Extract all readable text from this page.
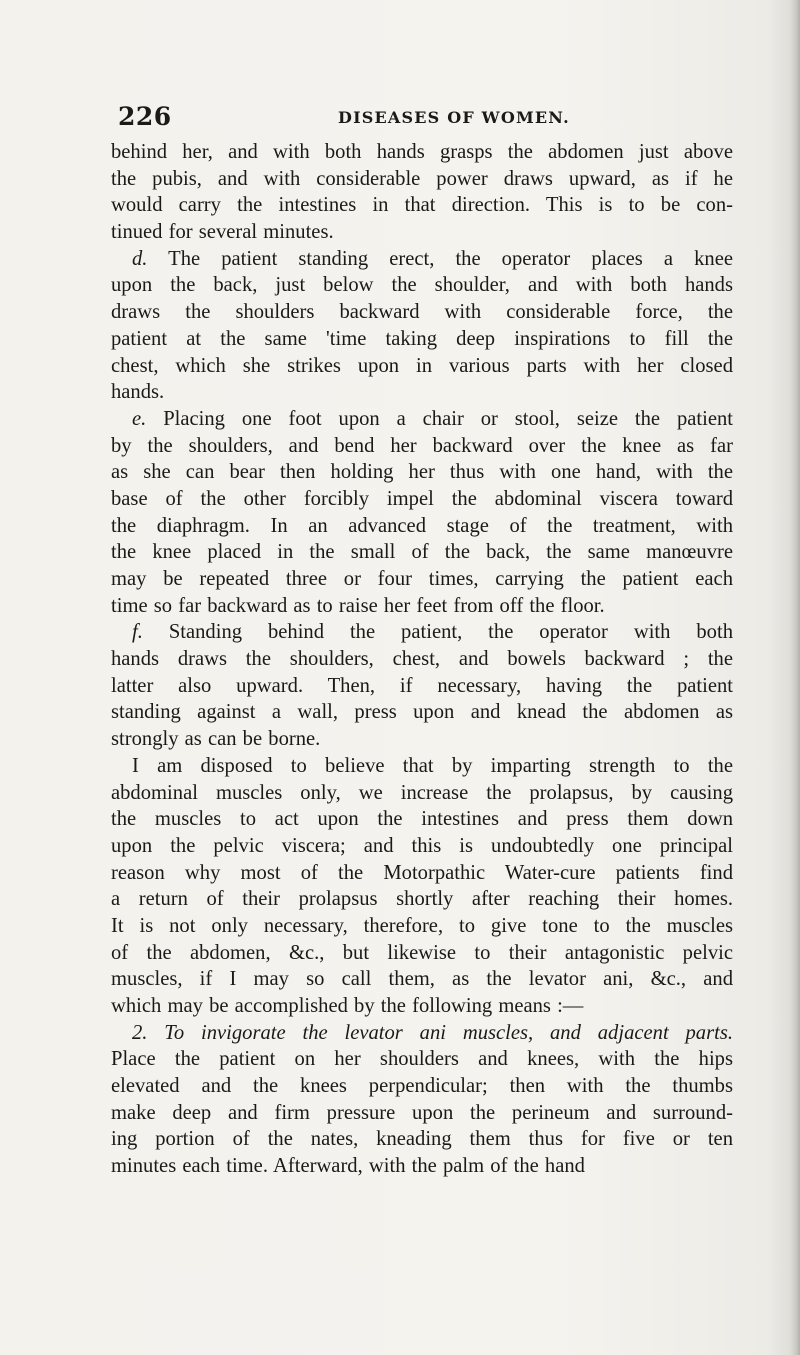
226	DISEASES OF WOMEN.
behind her, and with both hands grasps the abdomen just above
the pubis, and with considerable power draws upward, as if he
would carry the intestines in that direction. This is to be con-
tinued for several minutes.
d. The patient standing erect, the operator places a knee
upon the back, just below the shoulder, and with both hands
draws the shoulders backward with considerable force, the
patient at the same 'time taking deep inspirations to fill the
chest, which she strikes upon in various parts with her closed
hands.
e. Placing one foot upon a chair or stool, seize the patient
by the shoulders, and bend her backward over the knee as far
as she can bear then holding her thus with one hand, with the
base of the other forcibly impel the abdominal viscera toward
the diaphragm. In an advanced stage of the treatment, with
the knee placed in the small of the back, the same manœuvre
may be repeated three or four times, carrying the patient each
time so far backward as to raise her feet from off the floor.
f. Standing behind the patient, the operator with both
hands draws the shoulders, chest, and bowels backward ; the
latter also upward. Then, if necessary, having the patient
standing against a wall, press upon and knead the abdomen as
strongly as can be borne.
I am disposed to believe that by imparting strength to the
abdominal muscles only, we increase the prolapsus, by causing
the muscles to act upon the intestines and press them down
upon the pelvic viscera; and this is undoubtedly one principal
reason why most of the Motorpathic Water-cure patients find
a return of their prolapsus shortly after reaching their homes.
It is not only necessary, therefore, to give tone to the muscles
of the abdomen, &c., but likewise to their antagonistic pelvic
muscles, if I may so call them, as the levator ani, &c., and
which may be accomplished by the following means :—
2. To invigorate the levator ani muscles, and adjacent parts.
Place the patient on her shoulders and knees, with the hips
elevated and the knees perpendicular; then with the thumbs
make deep and firm pressure upon the perineum and surround-
ing portion of the nates, kneading them thus for five or ten
minutes each time. Afterward, with the palm of the hand
